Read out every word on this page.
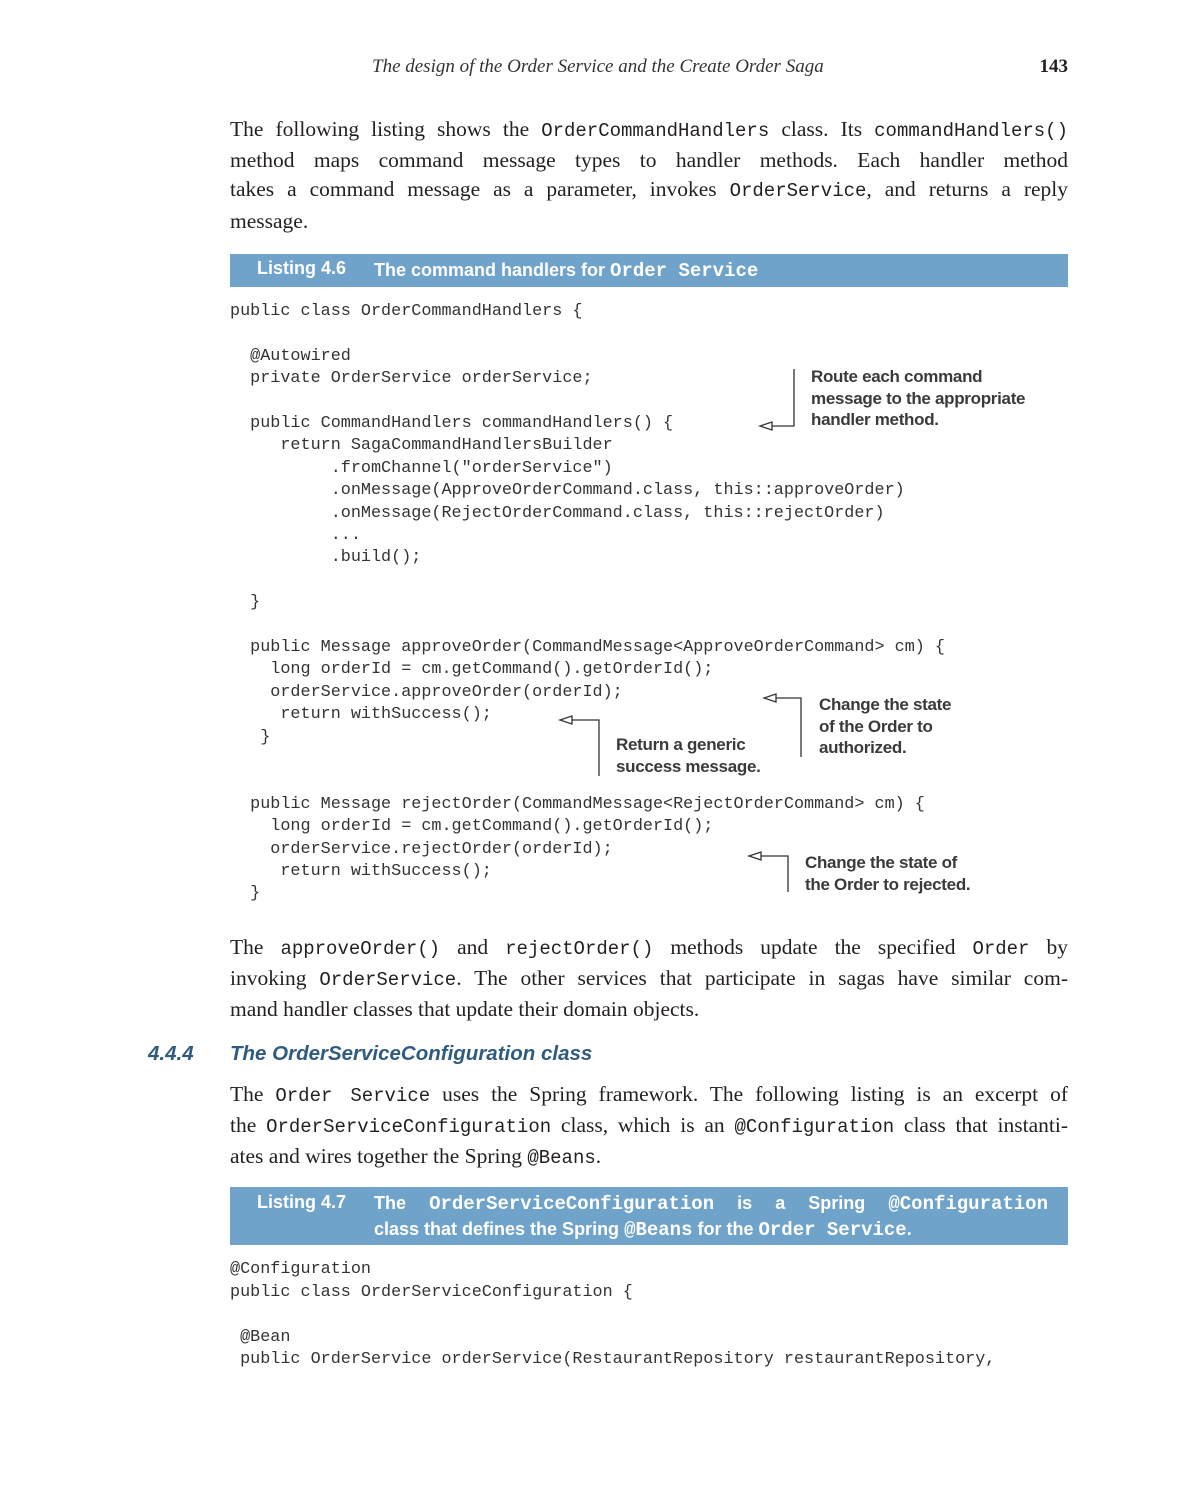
The design of the Order Service and the Create Order Saga	143

The following listing shows the OrderCommandHandlers class. Its commandHandlers()
method maps command message types to handler methods. Each handler method
takes a command message as a parameter, invokes OrderService, and returns a reply
message.

Listing 4.6 The command handlers for Order Service
public class OrderCommandHandlers {
@Autowired
private OrderService orderService;
public CommandHandlers commandHandlers() {
return SagaCommandHandlersBuilder
.fromChannel("orderService")
.onMessage(ApproveOrderCommand.class, this::approveOrder)
.onMessage(RejectOrderCommand.class, this::rejectOrder)
...
.build();
}
public Message approveOrder(CommandMessage<ApproveOrderCommand> cm) {
long orderId = cm.getCommand().getOrderId();
orderService.approveOrder(orderId);
return withSuccess();
}
public Message rejectOrder(CommandMessage<RejectOrderCommand> cm) {
long orderId = cm.getCommand().getOrderId();
orderService.rejectOrder(orderId);
return withSuccess();
}
Route each command
message to the appropriate
handler method.
Change the state
of the Order to
authorized.
Return a generic
success message.
Change the state of
the Order to rejected.

The approveOrder() and rejectOrder() methods update the specified Order by
invoking OrderService. The other services that participate in sagas have similar com-
mand handler classes that update their domain objects.

4.4.4 The OrderServiceConfiguration class

The Order Service uses the Spring framework. The following listing is an excerpt of
the OrderServiceConfiguration class, which is an @Configuration class that instanti-
ates and wires together the Spring @Beans.

Listing 4.7 The OrderServiceConfiguration is a Spring @Configuration
class that defines the Spring @Beans for the Order Service.
@Configuration
public class OrderServiceConfiguration {
@Bean
public OrderService orderService(RestaurantRepository restaurantRepository,
